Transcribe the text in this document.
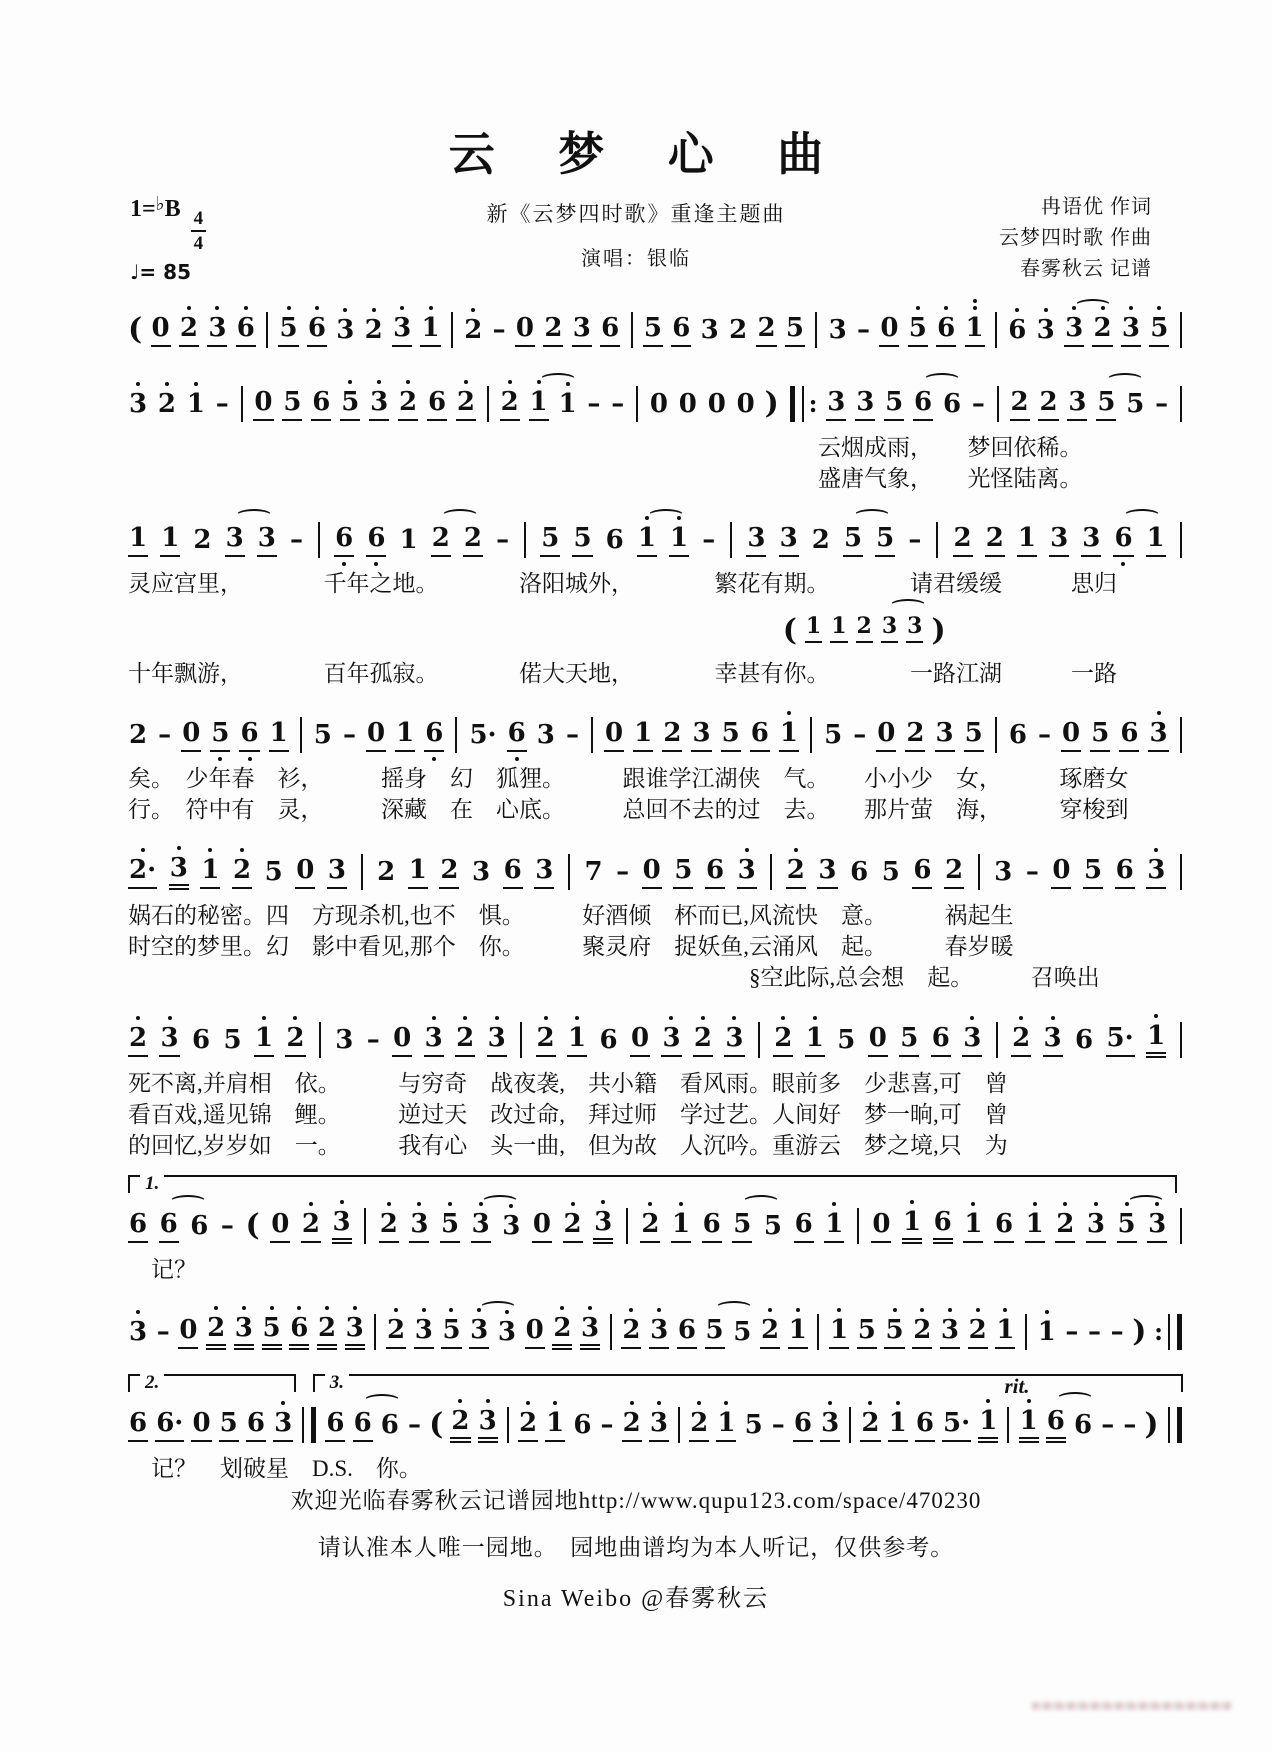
云 梦 心 曲
$1=^♭B \frac{4}{4}$
♩= 85
新《云梦四时歌》重逢主题曲
演唱：银临
冉语优 作词
云梦四时歌 作曲
春雾秋云 记谱
( 0 2 3 6 5 6 3 2 3 1 2 – 0 2 3 6 5 6 3 2 2 5 3 – 0 5 6 1 6 3 3 2 3 5
3 2 1 – 0 5 6 5 3 2 6 2 2 1 1 – – 0 0 0 0 ) : 3 3 5 6 6 – 2 2 3 5 5 –
　　　　　　　　　　　　　　　　　　　　　　　　　　　　　　云烟成雨，　　梦回依稀。
　　　　　　　　　　　　　　　　　　　　　　　　　　　　　　盛唐气象，　　光怪陆离。
1 1 2 3 3 – 6 6 1 2 2 – 5 5 6 1 1 – 3 3 2 5 5 – 2 2 1 3 3 6 1
灵应宫里，　　　　千年之地。　　　　洛阳城外，　　　　繁花有期。　　　　请君缓缓　　　思归
( 1 1 2 3 3 )
十年飘游，　　　　百年孤寂。　　　　偌大天地，　　　　幸甚有你。　　　　一路江湖　　　一路
2 – 0 5 6 1 5 – 0 1 6 5· 6 3 – 0 1 2 3 5 6 1 5 – 0 2 3 5 6 – 0 5 6 3
矣。　少年春　衫，　　　摇身　幻　狐狸。　　　跟谁学江湖侠　气。　　小小少　女，　　　琢磨女
行。　符中有　灵，　　　深藏　在　心底。　　　总回不去的过　去。　　那片萤　海，　　　穿梭到
2· 3 1 2 5 0 3 2 1 2 3 6 3 7 – 0 5 6 3 2 3 6 5 6 2 3 – 0 5 6 3
娲石的秘密。四　方现杀机,也不　惧。　　　好酒倾　杯而已,风流快　意。　　　祸起生
时空的梦里。幻　影中看见,那个　你。　　　聚灵府　捉妖鱼,云涌风　起。　　　春岁暖
　　　　　　　　　　　　　　　　　　　　　　　　　　　§空此际,总会想　起。　　　召唤出
2 3 6 5 1 2 3 – 0 3 2 3 2 1 6 0 3 2 3 2 1 5 0 5 6 3 2 3 6 5· 1
死不离,并肩相　依。　　　与穷奇　战夜袭,　共小籍　看风雨。眼前多　少悲喜,可　曾
看百戏,遥见锦　鲤。　　　逆过天　改过命,　拜过师　学过艺。人间好　梦一晌,可　曾
的回忆,岁岁如　一。　　　我有心　头一曲,　但为故　人沉吟。重游云　梦之境,只　为
1.
6 6 6 – ( 0 2 3 2 3 5 3 3 0 2 3 2 1 6 5 5 6 1 0 1 6 1 6 1 2 3 5 3
　记？
3 – 0 2 3 5 6 2 3 2 3 5 3 3 0 2 3 2 3 6 5 5 2 1 1 5 5 2 3 2 1 1 – – – ) :
2.	3.	rit.
6 6· 0 5 6 3 6 6 6 – ( 2 3 2 1 6 – 2 3 2 1 5 – 6 3 2 1 6 5· 1 1 6 6 – – )
　记？　划破星　D.S.　你。
欢迎光临春雾秋云记谱园地http://www.qupu123.com/space/470230
请认准本人唯一园地。　园地曲谱均为本人听记，仅供参考。
Sina Weibo @春雾秋云
